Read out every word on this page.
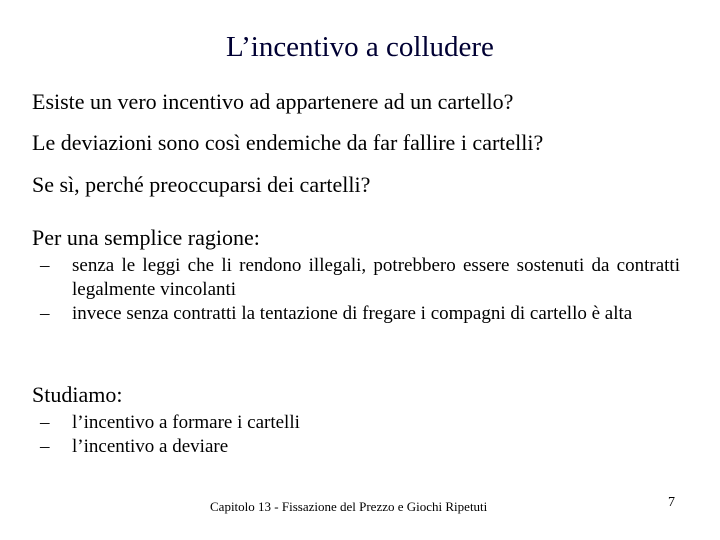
L’incentivo a colludere
Esiste un vero incentivo ad appartenere ad un cartello?
Le deviazioni sono così endemiche da far fallire i cartelli?
Se sì, perché preoccuparsi dei cartelli?
Per una semplice ragione:
–	senza le leggi che li rendono illegali, potrebbero essere sostenuti da contratti legalmente vincolanti
–	invece senza contratti la tentazione di fregare i compagni di cartello è alta
Studiamo:
–	l’incentivo a formare i cartelli
–	l’incentivo a deviare
Capitolo 13 - Fissazione del Prezzo e Giochi Ripetuti	7
